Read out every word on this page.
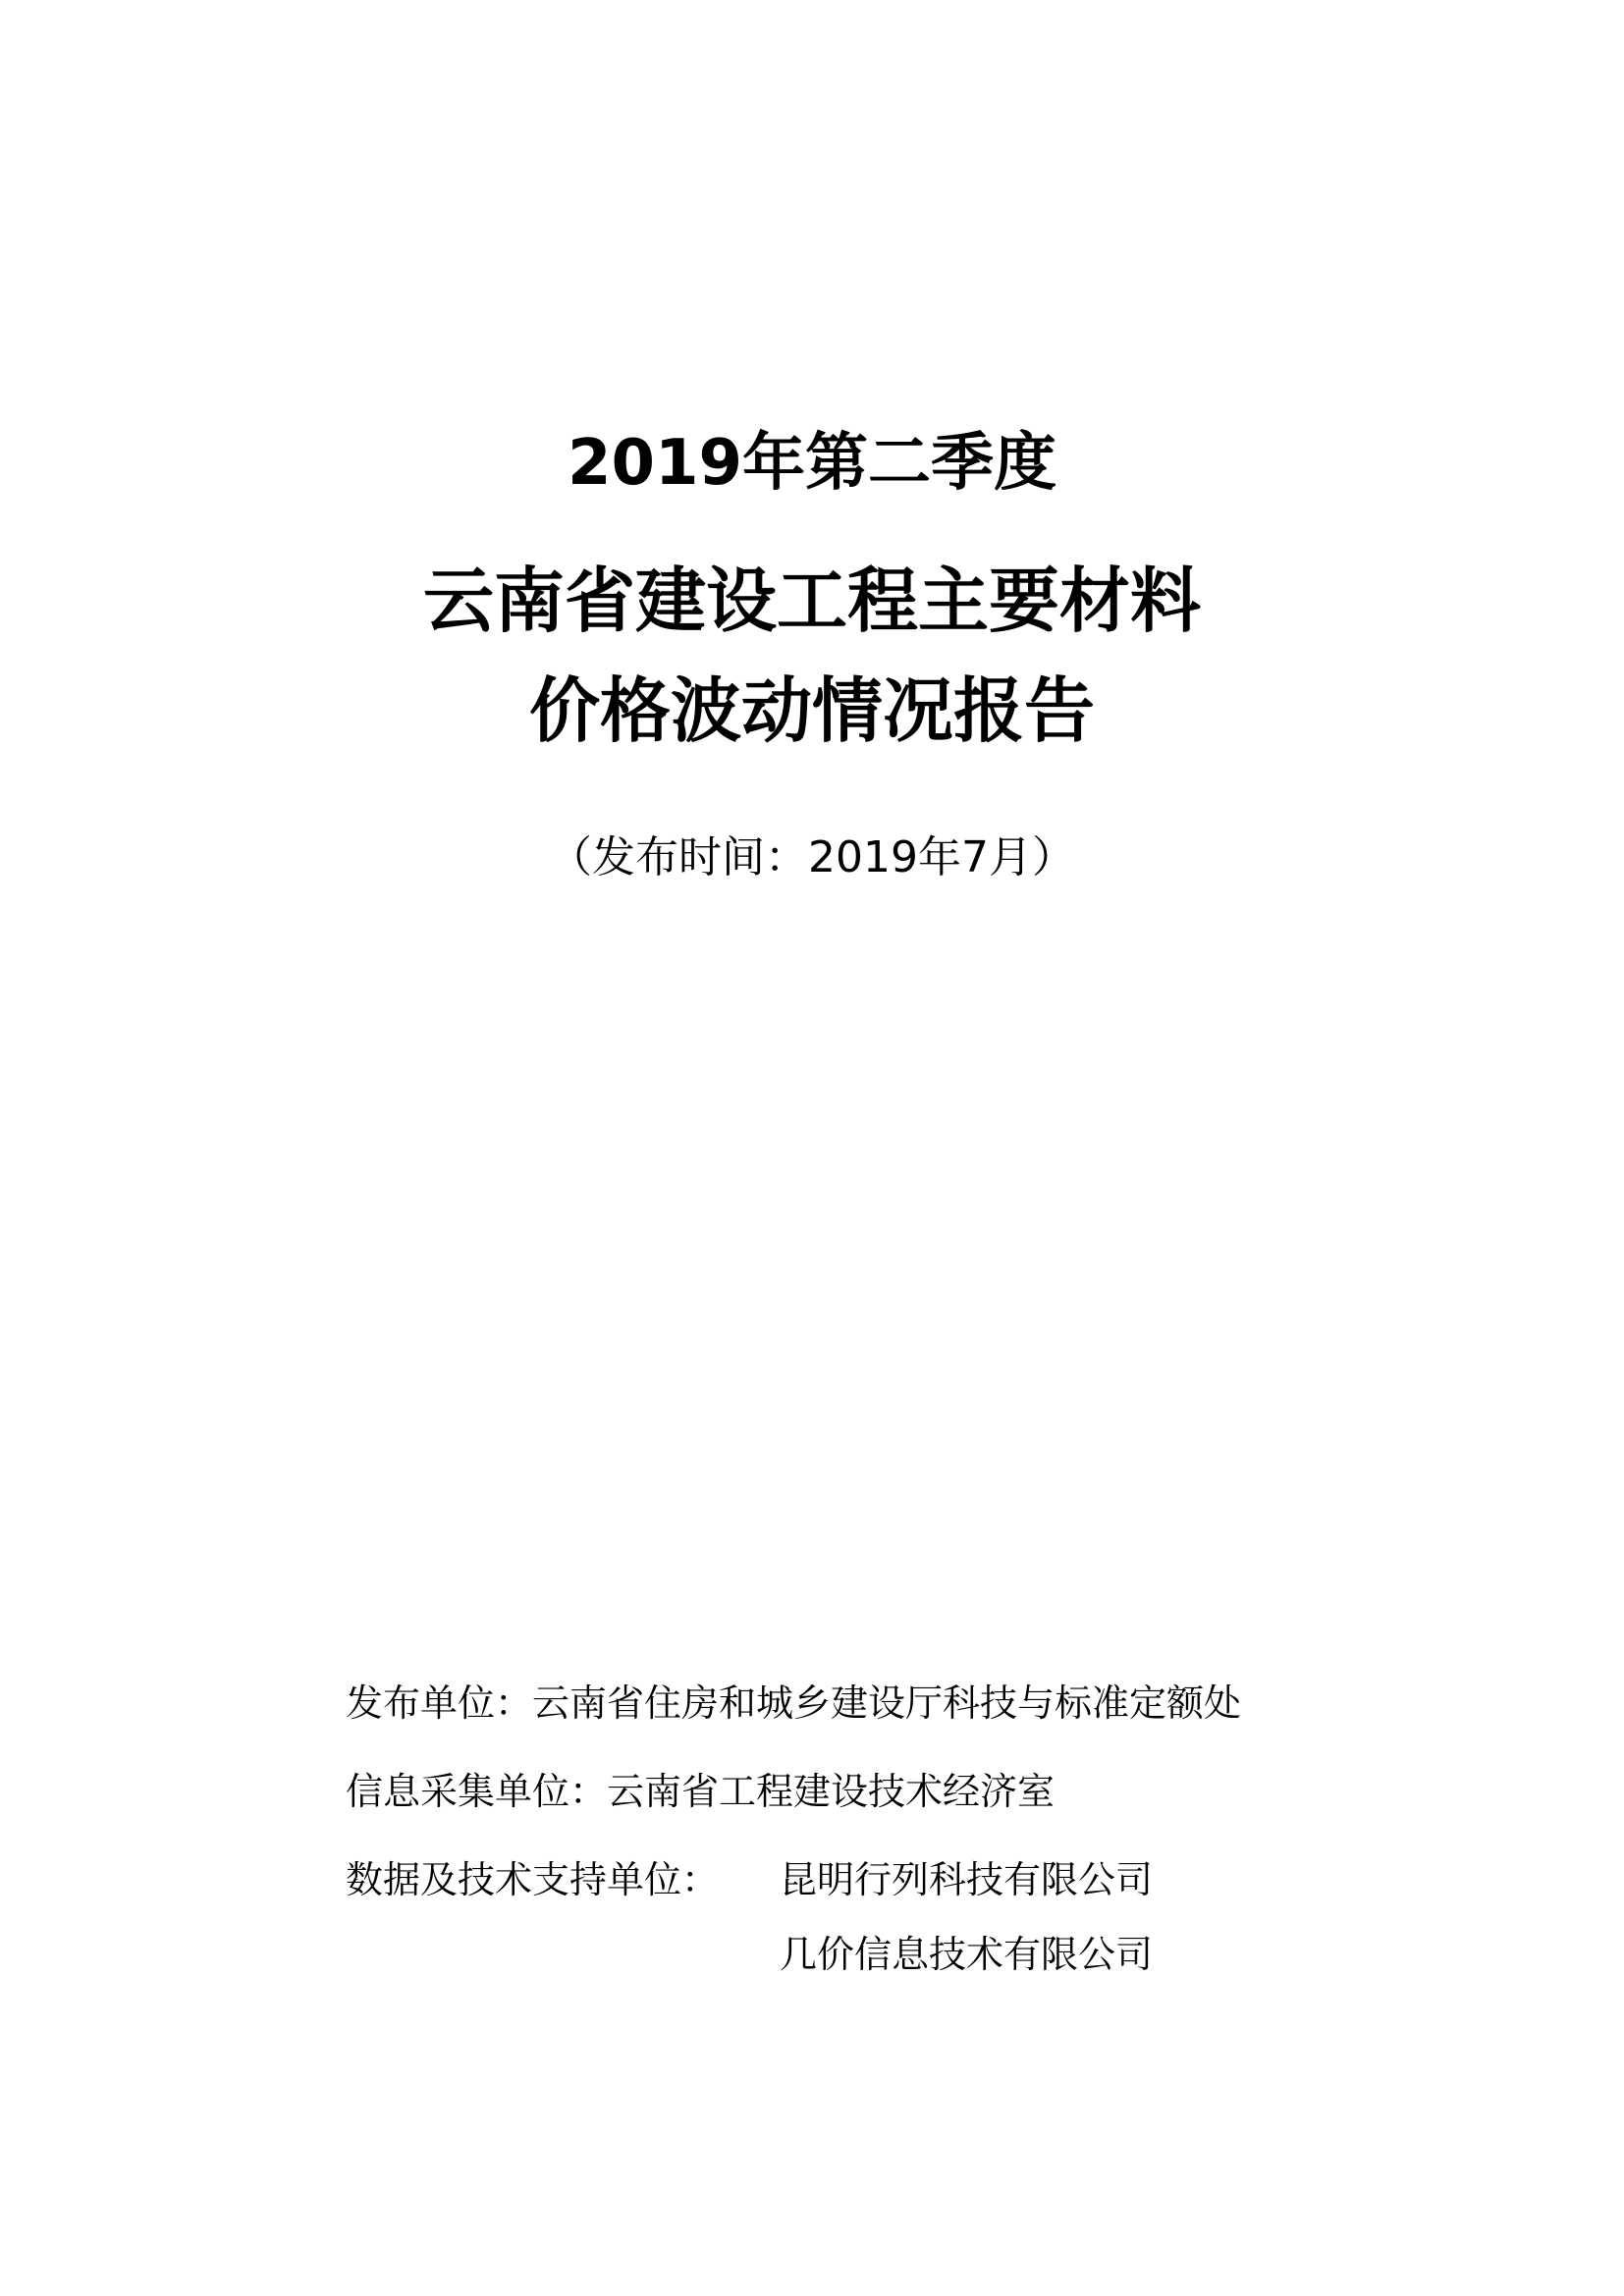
2019年第二季度
云南省建设工程主要材料
价格波动情况报告
（发布时间：2019年7月）
发布单位：云南省住房和城乡建设厅科技与标准定额处
信息采集单位：云南省工程建设技术经济室
数据及技术支持单位： 昆明行列科技有限公司
几价信息技术有限公司
